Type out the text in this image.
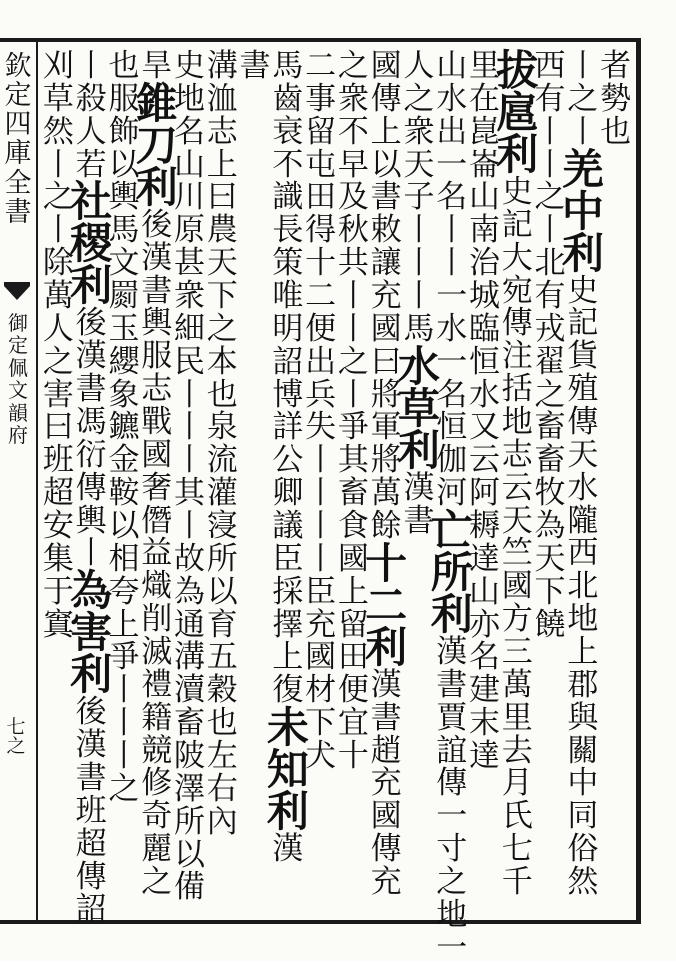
欽
定
四
庫
全
書
御
定
佩
文
韻
府
七
之
者
勢
也
丨
之
丨
羌
中
利
史
記
貨
殖
傳
天
水
隴
西
北
地
上
郡
與
關
中
同
俗
然
西
有
丨
丨
之
丨
北
有
戎
翟
之
畜
畜
牧
為
天
下
饒
拔
扈
利
史
記
大
宛
傳
注
括
地
志
云
天
竺
國
方
三
萬
里
去
月
氏
七
千
里
在
崑
崙
山
南
治
城
臨
恒
水
又
云
阿
耨
達
山
亦
名
建
末
達
山
水
出
一
名
丨
丨
一
水
一
名
恒
伽
河
亡
所
利
漢
書
賈
誼
傳
一
寸
之
地
一
人
之
衆
天
子
丨
丨
丨
馬
水
草
利
漢
書
國
傳
上
以
書
敕
讓
充
國
曰
將
軍
將
萬
餘
十
二
利
漢
書
趙
充
國
傳
充
之
衆
不
早
及
秋
共
丨
丨
之
丨
爭
其
畜
食
國
上
留
田
便
宜
十
二
事
留
屯
田
得
十
二
便
出
兵
失
丨
丨
丨
丨
臣
充
國
材
下
犬
馬
齒
衰
不
識
長
策
唯
明
詔
博
詳
公
卿
議
臣
採
擇
上
復
未
知
利
漢
書
溝
洫
志
上
曰
農
天
下
之
本
也
泉
流
灌
寖
所
以
育
五
穀
也
左
右
內
史
地
名
山
川
原
甚
衆
細
民
丨
丨
丨
其
丨
故
為
通
溝
瀆
畜
陂
澤
所
以
備
旱
錐
刀
利
後
漢
書
輿
服
志
戰
國
奢
僭
益
熾
削
滅
禮
籍
競
修
奇
麗
之
也
服
飾
以
輿
馬
文
罽
玉
纓
象
鑣
金
鞍
以
相
夸
上
爭
丨
丨
丨
之
丨
殺
人
若
社
稷
利
後
漢
書
馮
衍
傳
輿
丨
為
害
利
後
漢
書
班
超
傳
詔
刈
草
然
丨
之
丨
除
萬
人
之
害
曰
班
超
安
集
于
窴
